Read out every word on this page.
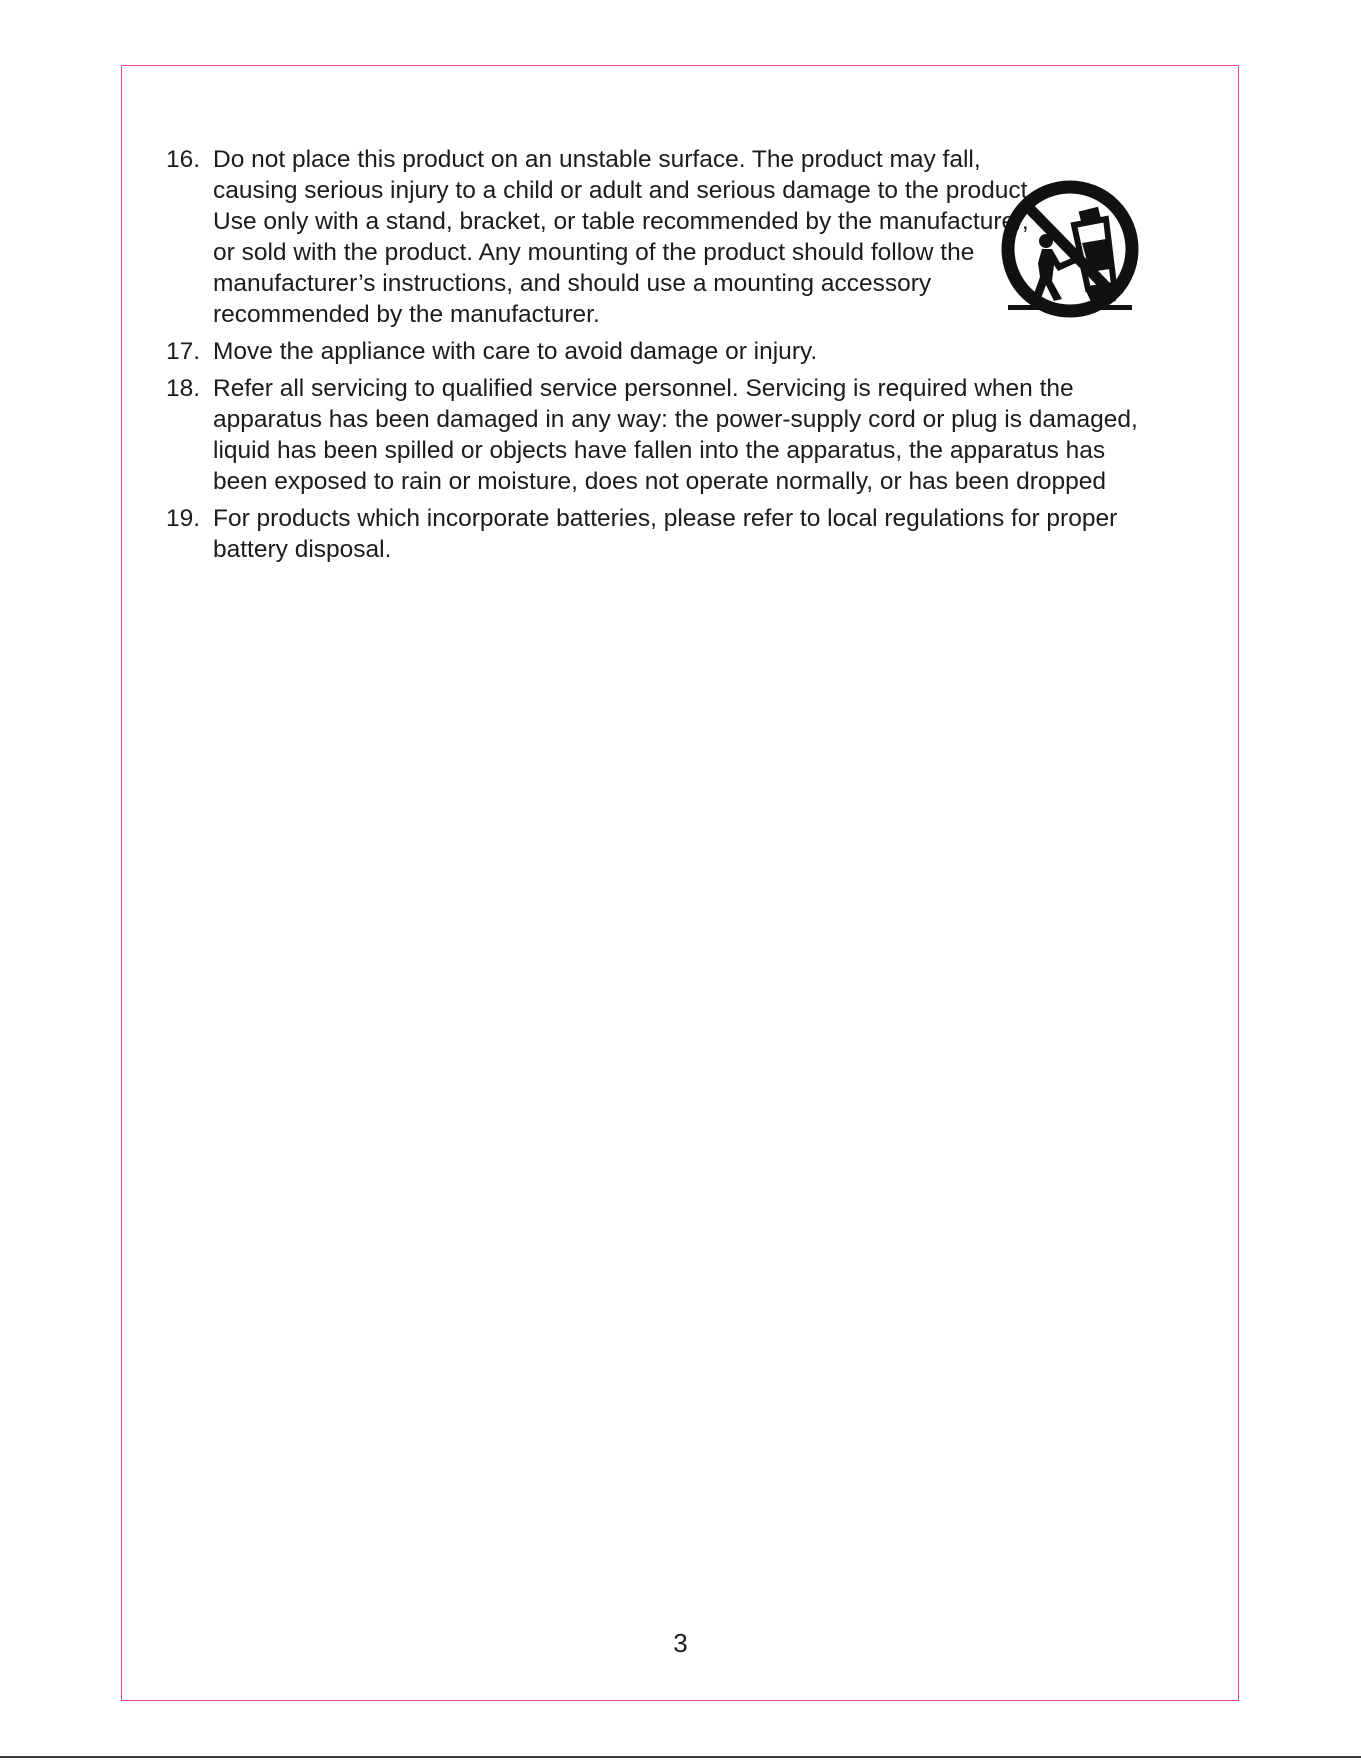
16. Do not place this product on an unstable surface. The product may fall, causing serious injury to a child or adult and serious damage to the product. Use only with a stand, bracket, or table recommended by the manufacturer, or sold with the product. Any mounting of the product should follow the manufacturer’s instructions, and should use a mounting accessory recommended by the manufacturer.
17. Move the appliance with care to avoid damage or injury.
18. Refer all servicing to qualified service personnel. Servicing is required when the apparatus has been damaged in any way: the power-supply cord or plug is damaged, liquid has been spilled or objects have fallen into the apparatus, the apparatus has been exposed to rain or moisture, does not operate normally, or has been dropped
19. For products which incorporate batteries, please refer to local regulations for proper battery disposal.
3
